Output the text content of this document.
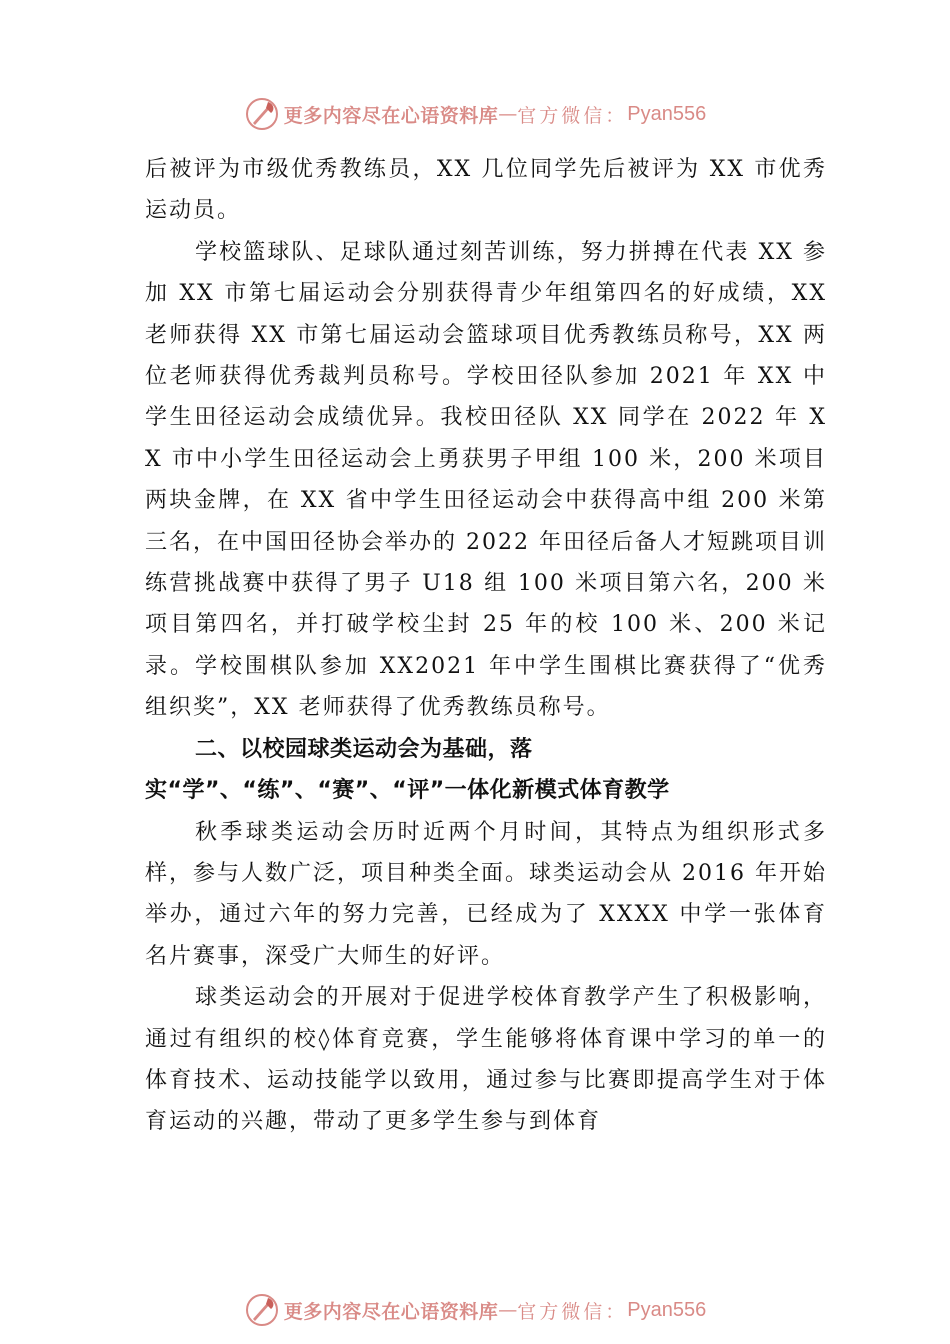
更多内容尽在心语资料库 — 官方微信： Pyan556

后被评为市级优秀教练员，XX 几位同学先后被评为 XX 市优秀运动员。

学校篮球队、足球队通过刻苦训练，努力拼搏在代表 XX 参加 XX 市第七届运动会分别获得青少年组第四名的好成绩，XX 老师获得 XX 市第七届运动会篮球项目优秀教练员称号，XX 两位老师获得优秀裁判员称号。学校田径队参加 2021 年 XX 中学生田径运动会成绩优异。我校田径队 XX 同学在 2022 年 XX 市中小学生田径运动会上勇获男子甲组 100 米，200 米项目两块金牌，在 XX 省中学生田径运动会中获得高中组 200 米第三名，在中国田径协会举办的 2022 年田径后备人才短跳项目训练营挑战赛中获得了男子 U18 组 100 米项目第六名，200 米项目第四名，并打破学校尘封 25 年的校 100 米、200 米记录。学校围棋队参加 XX2021 年中学生围棋比赛获得了“优秀组织奖”，XX 老师获得了优秀教练员称号。

二、以校园球类运动会为基础，落实“学”、“练”、“赛”、“评”一体化新模式体育教学

秋季球类运动会历时近两个月时间，其特点为组织形式多样，参与人数广泛，项目种类全面。球类运动会从 2016 年开始举办，通过六年的努力完善，已经成为了 XXXX 中学一张体育名片赛事，深受广大师生的好评。

球类运动会的开展对于促进学校体育教学产生了积极影响，通过有组织的校◊体育竞赛，学生能够将体育课中学习的单一的体育技术、运动技能学以致用，通过参与比赛即提高学生对于体育运动的兴趣，带动了更多学生参与到体育

更多内容尽在心语资料库 — 官方微信： Pyan556
